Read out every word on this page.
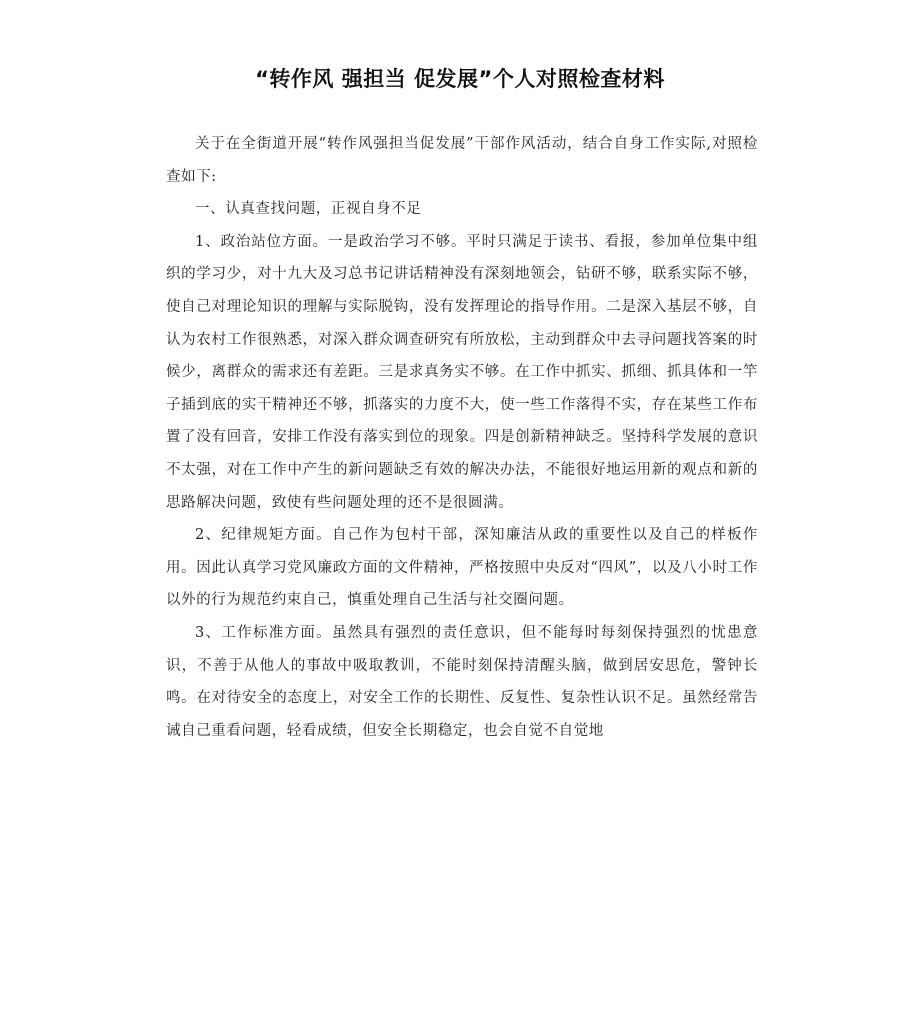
“转作风 强担当 促发展”个人对照检查材料

关于在全街道开展“转作风强担当促发展”干部作风活动，结合自身工作实际,对照检查如下:

一、认真查找问题，正视自身不足

1、政治站位方面。一是政治学习不够。平时只满足于读书、看报，参加单位集中组织的学习少，对十九大及习总书记讲话精神没有深刻地领会，钻研不够，联系实际不够，使自己对理论知识的理解与实际脱钩，没有发挥理论的指导作用。二是深入基层不够，自认为农村工作很熟悉，对深入群众调查研究有所放松，主动到群众中去寻问题找答案的时候少，离群众的需求还有差距。三是求真务实不够。在工作中抓实、抓细、抓具体和一竿子插到底的实干精神还不够，抓落实的力度不大，使一些工作落得不实，存在某些工作布置了没有回音，安排工作没有落实到位的现象。四是创新精神缺乏。坚持科学发展的意识不太强，对在工作中产生的新问题缺乏有效的解决办法，不能很好地运用新的观点和新的思路解决问题，致使有些问题处理的还不是很圆满。

2、纪律规矩方面。自己作为包村干部，深知廉洁从政的重要性以及自己的样板作用。因此认真学习党风廉政方面的文件精神，严格按照中央反对“四风”，以及八小时工作以外的行为规范约束自己，慎重处理自己生活与社交圈问题。

3、工作标准方面。虽然具有强烈的责任意识，但不能每时每刻保持强烈的忧患意识，不善于从他人的事故中吸取教训，不能时刻保持清醒头脑，做到居安思危，警钟长鸣。在对待安全的态度上，对安全工作的长期性、反复性、复杂性认识不足。虽然经常告诫自己重看问题，轻看成绩，但安全长期稳定，也会自觉不自觉地
